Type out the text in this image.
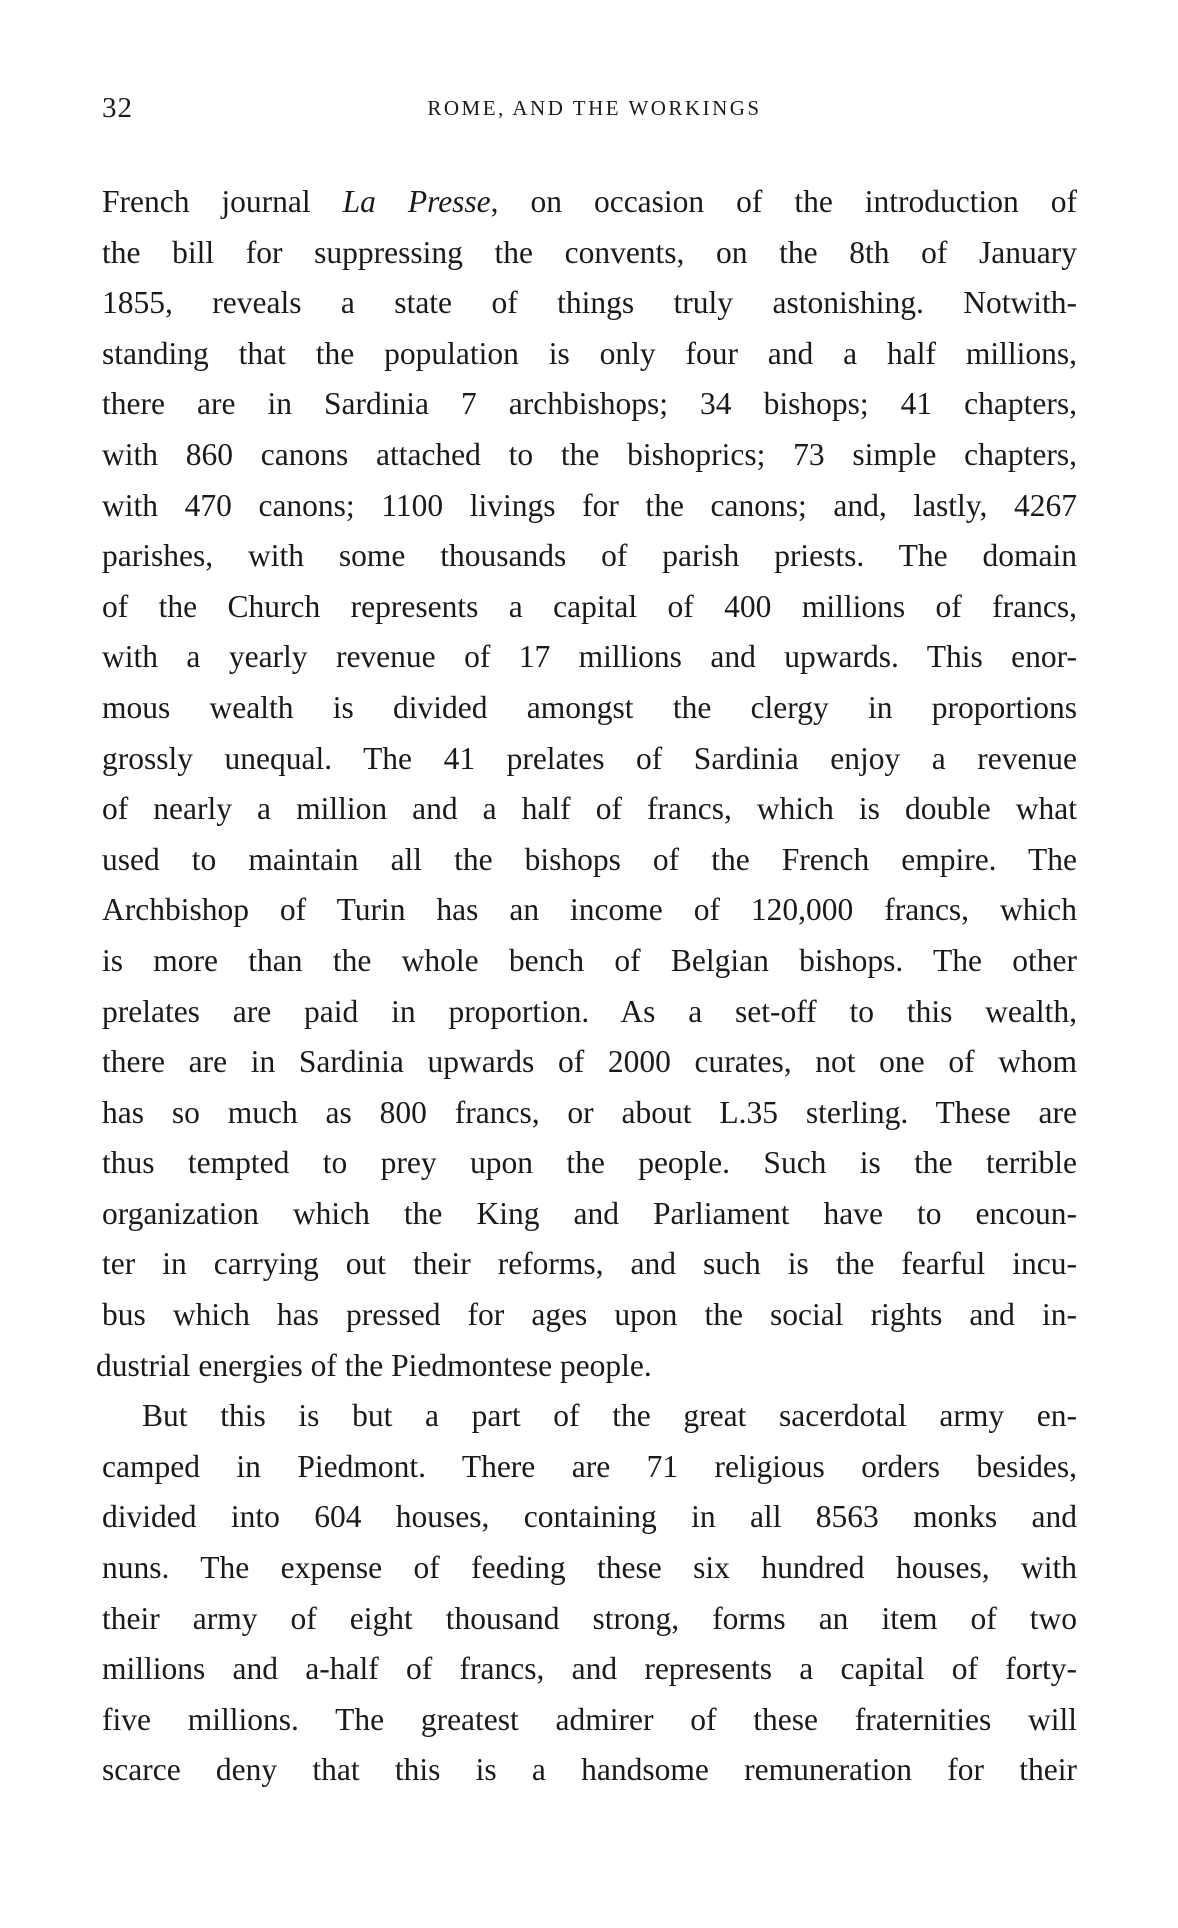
32	ROME, AND THE WORKINGS
French journal La Presse, on occasion of the introduction of
the bill for suppressing the convents, on the 8th of January
1855, reveals a state of things truly astonishing. Notwith-
standing that the population is only four and a half millions,
there are in Sardinia 7 archbishops; 34 bishops; 41 chapters,
with 860 canons attached to the bishoprics; 73 simple chapters,
with 470 canons; 1100 livings for the canons; and, lastly, 4267
parishes, with some thousands of parish priests. The domain
of the Church represents a capital of 400 millions of francs,
with a yearly revenue of 17 millions and upwards. This enor-
mous wealth is divided amongst the clergy in proportions
grossly unequal. The 41 prelates of Sardinia enjoy a revenue
of nearly a million and a half of francs, which is double what
used to maintain all the bishops of the French empire. The
Archbishop of Turin has an income of 120,000 francs, which
is more than the whole bench of Belgian bishops. The other
prelates are paid in proportion. As a set-off to this wealth,
there are in Sardinia upwards of 2000 curates, not one of whom
has so much as 800 francs, or about L.35 sterling. These are
thus tempted to prey upon the people. Such is the terrible
organization which the King and Parliament have to encoun-
ter in carrying out their reforms, and such is the fearful incu-
bus which has pressed for ages upon the social rights and in-
dustrial energies of the Piedmontese people.
But this is but a part of the great sacerdotal army en-
camped in Piedmont. There are 71 religious orders besides,
divided into 604 houses, containing in all 8563 monks and
nuns. The expense of feeding these six hundred houses, with
their army of eight thousand strong, forms an item of two
millions and a-half of francs, and represents a capital of forty-
five millions. The greatest admirer of these fraternities will
scarce deny that this is a handsome remuneration for their
